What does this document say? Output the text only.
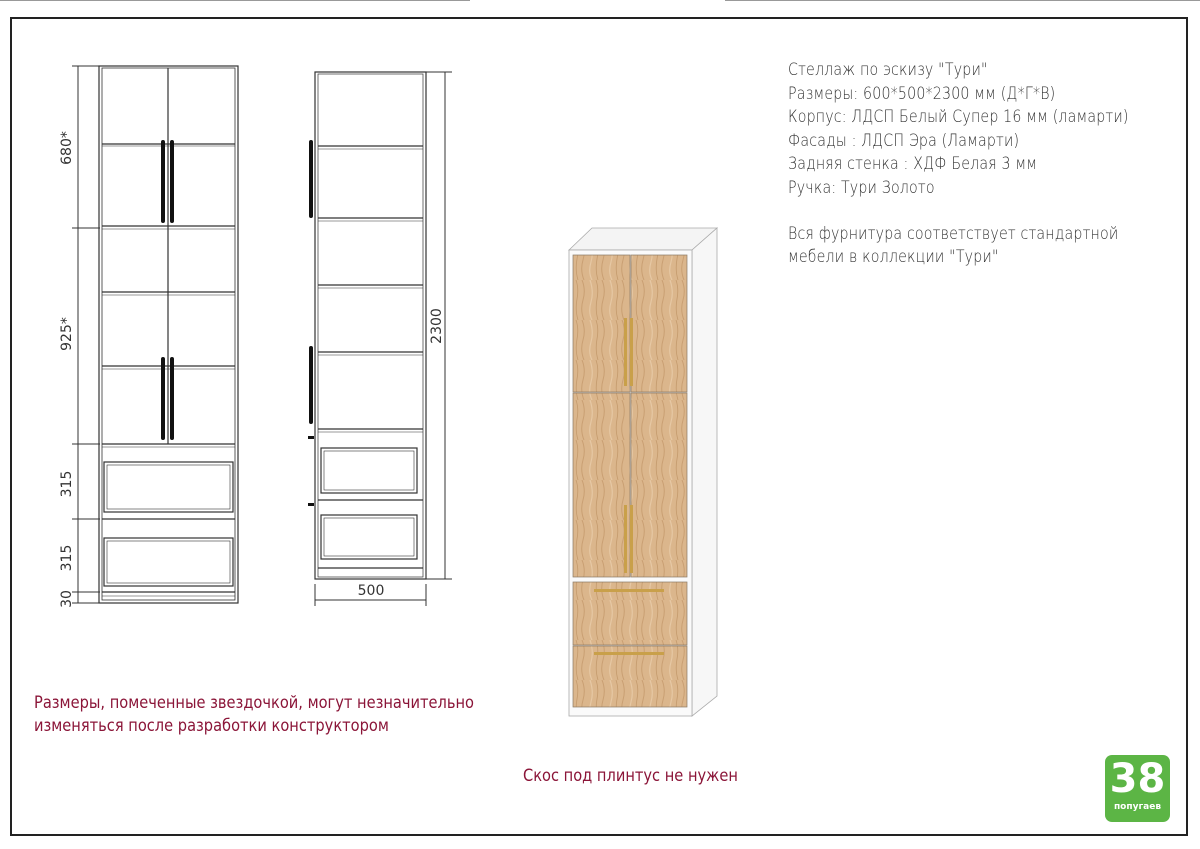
680*
925*
315
315
30
2300
500
Стеллаж по эскизу "Тури"
Размеры: 600*500*2300 мм (Д*Г*В)
Корпус: ЛДСП Белый Супер 16 мм (ламарти)
Фасады : ЛДСП Эра (Ламарти)
Задняя стенка : ХДФ Белая 3 мм
Ручка: Тури Золото
Вся фурнитура соответствует стандартной
мебели в коллекции "Тури"
Размеры, помеченные звездочкой, могут незначительно
изменяться после разработки конструктором
Скос под плинтус не нужен	38
попугаев
